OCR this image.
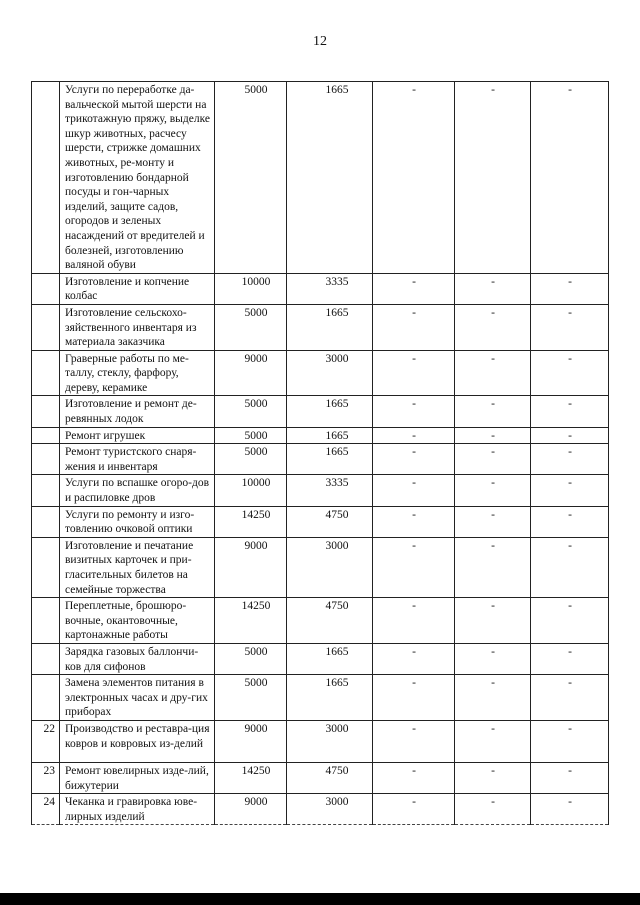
12
	Услуги по переработке да-вальческой мытой шерсти на трикотажную пряжу, выделке шкур животных, расчесу шерсти, стрижке домашних животных, ре-монту и изготовлению бондарной посуды и гон-чарных изделий, защите садов, огородов и зеленых насаждений от вредителей и болезней, изготовлению валяной обуви	5000	1665	-	-	-
	Изготовление и копчение колбас	10000	3335	-	-	-
	Изготовление сельскохо-зяйственного инвентаря из материала заказчика	5000	1665	-	-	-
	Граверные работы по ме-таллу, стеклу, фарфору, дереву, керамике	9000	3000	-	-	-
	Изготовление и ремонт де-ревянных лодок	5000	1665	-	-	-
	Ремонт игрушек	5000	1665	-	-	-
	Ремонт туристского снаря-жения и инвентаря	5000	1665	-	-	-
	Услуги по вспашке огоро-дов и распиловке дров	10000	3335	-	-	-
	Услуги по ремонту и изго-товлению очковой оптики	14250	4750	-	-	-
	Изготовление и печатание визитных карточек и при-гласительных билетов на семейные торжества	9000	3000	-	-	-
	Переплетные, брошюро-вочные, окантовочные, картонажные работы	14250	4750	-	-	-
	Зарядка газовых баллончи-ков для сифонов	5000	1665	-	-	-
	Замена элементов питания в электронных часах и дру-гих приборах	5000	1665	-	-	-
22	Производство и реставра-ция ковров и ковровых из-делий	9000	3000	-	-	-
23	Ремонт ювелирных изде-лий, бижутерии	14250	4750	-	-	-
24	Чеканка и гравировка юве-лирных изделий	9000	3000	-	-	-
